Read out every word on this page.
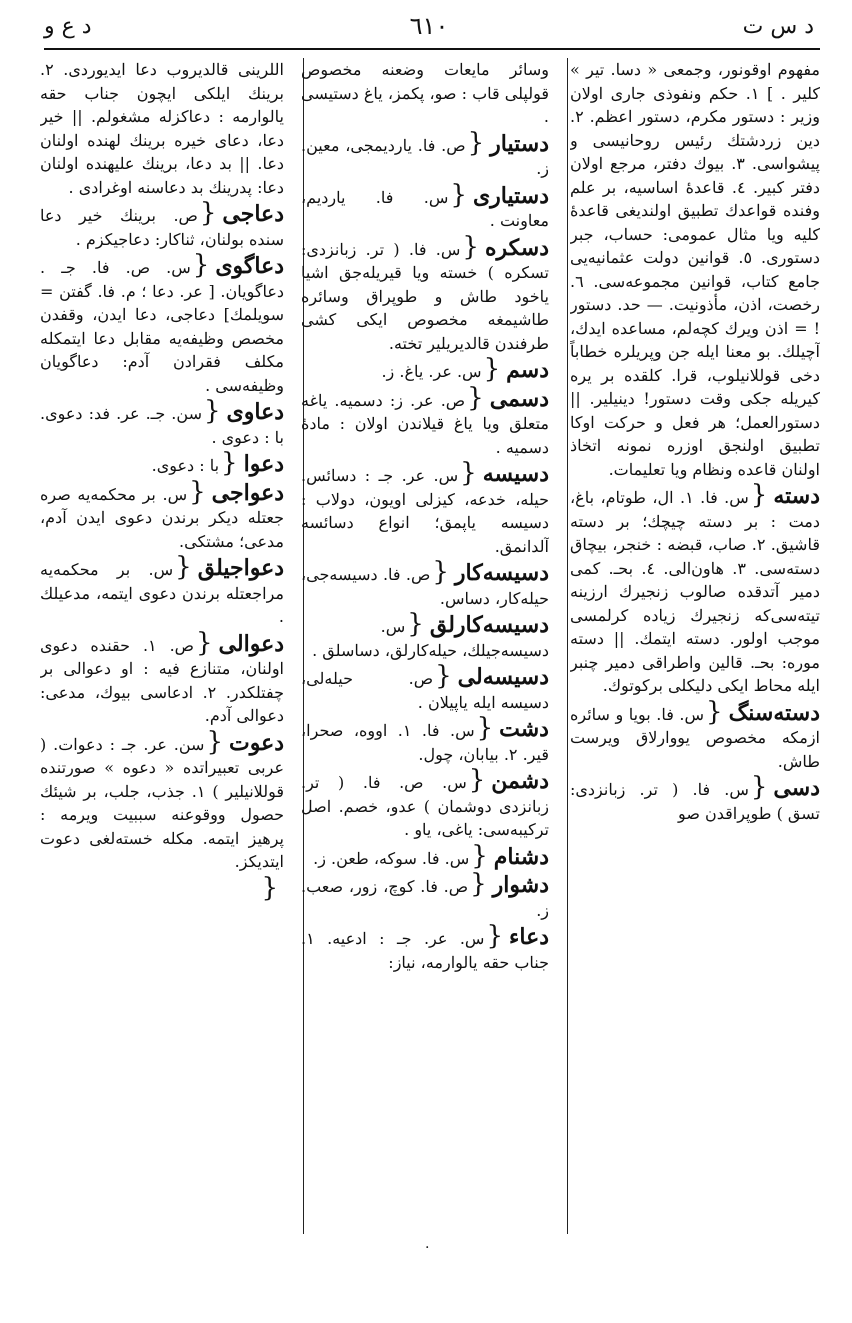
د س ت
٦١٠
د ع و

مفهوم اوقونور، وجمعی « دسا. تیر » کلیر . ] ۱. حکم ونفوذی جاری اولان وزیر : دستور مکرم، دستور اعظم. ۲. دین زردشتك رئیس روحانیسی و پیشواسی. ۳. بیوك دفتر، مرجع اولان دفتر کبیر. ٤. قاعدهٔ اساسیه، بر علم وفنده قواعدك تطبیق اولندیغی قاعدهٔ کلیه ویا مثال عمومی: حساب، جبر دستوری. ٥. قوانین دولت عثمانیه‌یی جامع کتاب، قوانین مجموعه‌سی. ٦. رخصت، اذن، مأذونیت. — حد. دستور ! = اذن ویرك کچه‌لم، مساعده ایدك، آچیلك. بو معنا ایله جن وپریلره خطاباً دخی قوللانیلوب، قرا. کلقده بر یره کیریله جکی وقت دستور! دینیلیر. || دستورالعمل؛ هر فعل و حرکت اوکا تطبیق اولنجق اوزره نمونه اتخاذ اولنان قاعده ونظام ویا تعلیمات.

دسته{س. فا. ۱. ال، طوتام، باغ، دمت : بر دسته چیچك؛ بر دسته قاشیق. ۲. صاب، قبضه : خنجر، بیچاق دسته‌سی. ۳. هاون‌الی. ٤. بحـ. کمی دمیر آتدقده صالوب زنجیرك ارزینه تیته‌سی‌که زنجیرك زیاده کرلمسی موجب اولور. دسته ایتمك. || دسته موره: بحـ. قالین واطراقی دمیر چنبر ایله محاط ایکی دلیکلی برکوتوك.

دسته‌سنگ{س. فا. بویا و سائره ازمکه مخصوص یووارلاق ویرست طاش.

دسی{س. فا. ( تر. زبانزدی: تسق ) طوپراقدن صو

وسائر مایعات وضعنه مخصوص قولپلی قاب : صو، پکمز، یاغ دستیسی .

دستیار{ص. فا. یاردیمجی، معین. ز.

دستیاری{س. فا. یاردیم، معاونت .

دسکره{س. فا. ( تر. زبانزدی: تسکره ) خسته ویا قیریله‌جق اشیا یاخود طاش و طوپراق وسائره طاشیمغه مخصوص ایکی کشی طرفندن قالدیریلیر تخته.

دسم{س. عر. یاغ. ز.

دسمی{ص. عر. ز: دسمیه. یاغه متعلق ویا یاغ قیلاندن اولان : مادهٔ دسمیه .

دسیسه{س. عر. جـ : دسائس. حیله، خدعه، کیزلی اویون، دولاب : دسیسه یاپمق؛ انواع دسائسه آلدانمق.

دسیسه‌کار{ص. فا. دسیسه‌جی، حیله‌کار، دساس.

دسیسه‌کارلق{س. دسیسه‌جیلك، حیله‌کارلق، دساسلق .

دسیسه‌لی{ص. حیله‌لی، دسیسه ایله یاپیلان .

دشت{س. فا. ۱. اووه، صحرا، قیر. ۲. بیابان، چول.

دشمن{س. ص. فا. ( تر. زبانزدی دوشمان ) عدو، خصم. اصل ترکیبه‌سی: یاغی، یاو .

دشنام{س. فا. سوکه، طعن. ز.

دشوار{ص. فا. کوچ، زور، صعب. ز.

دعاء{س. عر. جـ : ادعیه. ۱. جناب حقه یالوارمه، نیاز:

اللرینی قالدیروب دعا ایدیوردی. ۲. برینك ایلکی ایچون جناب حقه یالوارمه : دعاکزله مشغولم. || خیر دعا، دعای خیره برینك لهنده اولنان دعا. || بد دعا، برینك علیهنده اولنان دعا: پدرینك بد دعاسنه اوغرادی .

دعاجی{ص. برینك خیر دعا سنده بولنان، ثناکار: دعاجیکزم .

دعاگوی{س. ص. فا. جـ . دعاگویان. [ عر. دعا ؛ م. فا. گفتن = سویلمك] دعاجی، دعا ایدن، وقفدن مخصص وظیفه‌یه مقابل دعا ایتمکله مکلف فقرادن آدم: دعاگویان وظیفه‌سی .

دعاوی{سن. جـ. عر. فد: دعوی. با : دعوی .

دعوا{با : دعوی.

دعواجی{س. بر محکمه‌یه صره جعتله دیکر برندن دعوی ایدن آدم، مدعی؛ مشتکی.

دعواجیلق{س. بر محکمه‌یه مراجعتله برندن دعوی ایتمه، مدعیلك .

دعوالی{ص. ۱. حقنده دعوی اولنان، متنازع فیه : او دعوالی بر چفتلکدر. ۲. ادعاسی بیوك، مدعی: دعوالی آدم.

دعوت{سن. عر. جـ : دعوات. ( عربی تعبیراتده « دعوه » صورتنده قوللانیلیر ) ۱. جذب، جلب، بر شیئك حصول ووقوعنه سببیت ویرمه : پرهیز ایتمه. مکله خسته‌لغی دعوت ایتدیکز.

{

.
